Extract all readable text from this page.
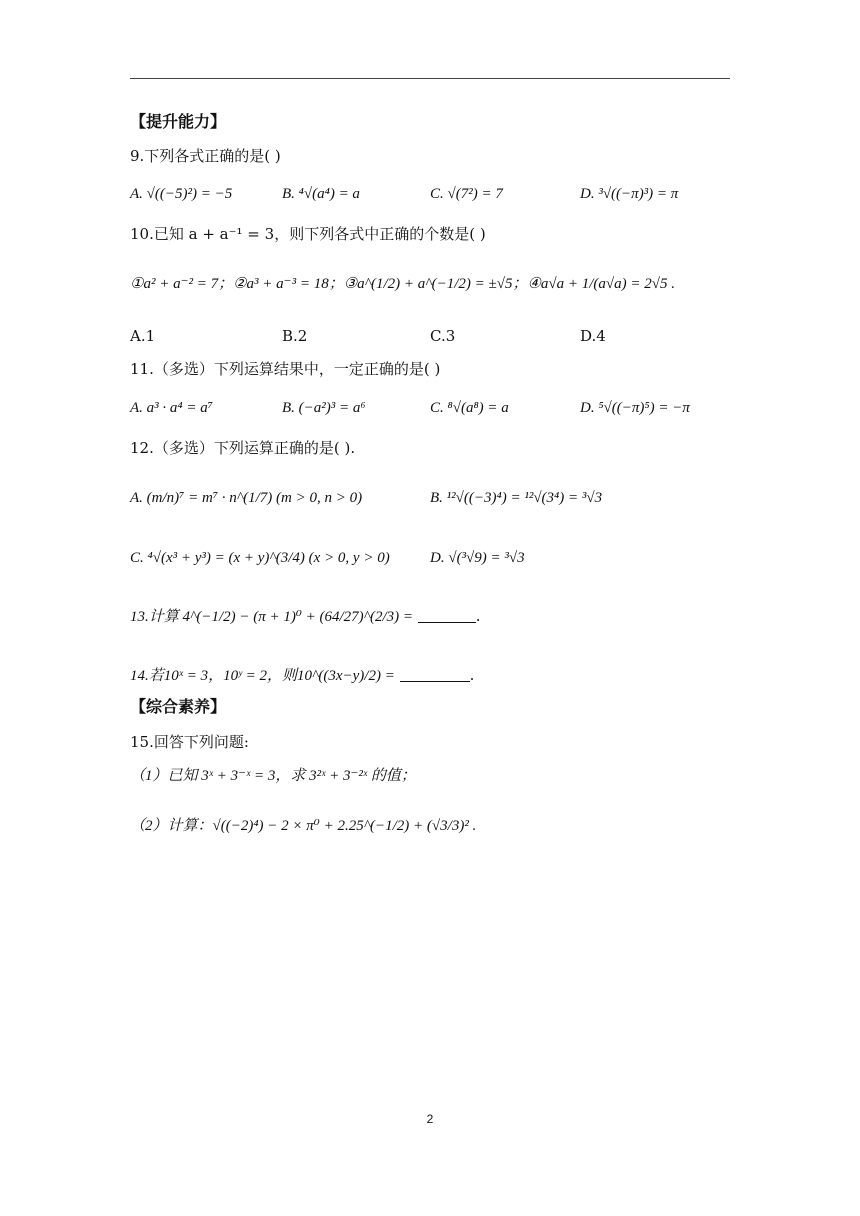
【提升能力】
9.下列各式正确的是( )
A. √((−5)²) = −5	B. ⁴√(a⁴) = a	C. √(7²) = 7	D. ³√((−π)³) = π
10.已知 a + a⁻¹ = 3，则下列各式中正确的个数是( )
①a² + a⁻² = 7；②a³ + a⁻³ = 18；③a^(1/2) + a^(−1/2) = ±√5；④a√a + 1/(a√a) = 2√5 .
A.1	B.2	C.3	D.4
11.（多选）下列运算结果中，一定正确的是( )
A. a³ · a⁴ = a⁷	B. (−a²)³ = a⁶	C. ⁸√(a⁸) = a	D. ⁵√((−π)⁵) = −π
12.（多选）下列运算正确的是( ).
A. (m/n)⁷ = m⁷ · n^(1/7) (m > 0, n > 0)	B. ¹²√((−3)⁴) = ¹²√(3⁴) = ³√3
C. ⁴√(x³ + y³) = (x + y)^(3/4) (x > 0, y > 0)	D. √(³√9) = ³√3
13.计算 4^(−1/2) − (π + 1)⁰ + (64/27)^(2/3) =	.
14.若10ˣ = 3，10ʸ = 2，则10^((3x−y)/2) =	.
【综合素养】
15.回答下列问题:
（1）已知 3ˣ + 3⁻ˣ = 3，求 3²ˣ + 3⁻²ˣ 的值；
（2）计算：√((−2)⁴) − 2 × π⁰ + 2.25^(−1/2) + (√3/3)² .
2
